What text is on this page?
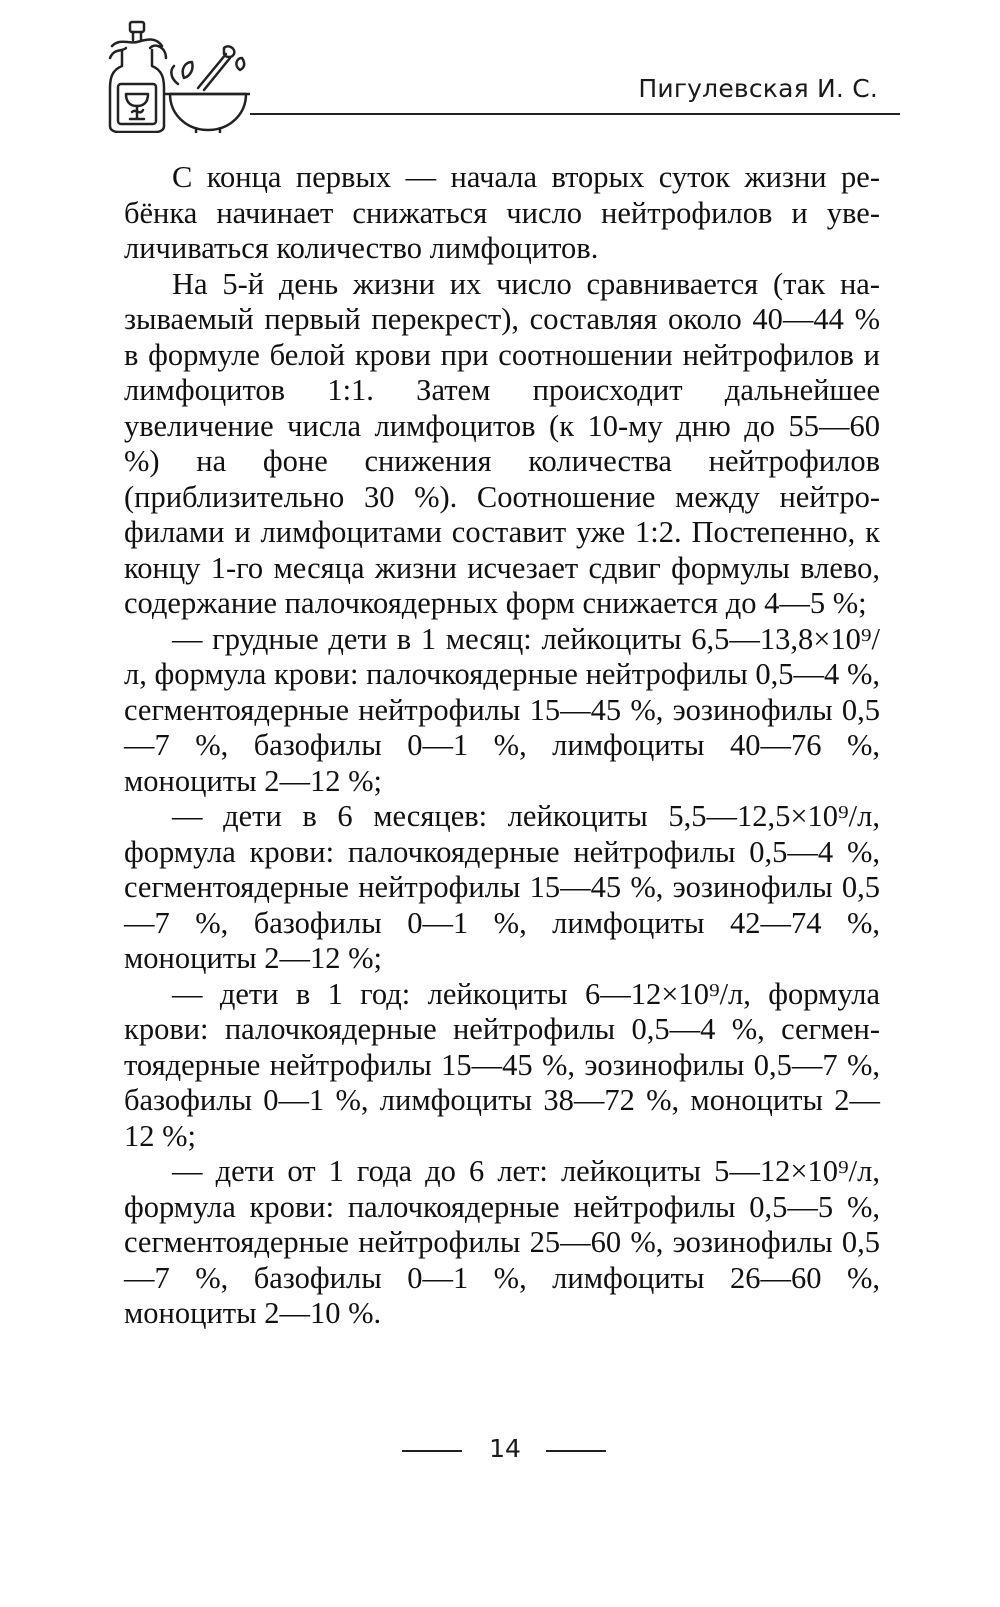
Пигулевская И. С.

С конца первых — начала вторых суток жизни ребёнка начинает снижаться число нейтрофилов и увеличиваться количество лимфоцитов.

На 5-й день жизни их число сравнивается (так называемый первый перекрест), составляя около 40—44 % в формуле белой крови при соотношении нейтрофилов и лимфоцитов 1:1. Затем происходит дальнейшее увеличение числа лимфоцитов (к 10-му дню до 55—60 %) на фоне снижения количества нейтрофилов (приблизительно 30 %). Соотношение между нейтрофилами и лимфоцитами составит уже 1:2. Постепенно, к концу 1-го месяца жизни исчезает сдвиг формулы влево, содержание палочкоядерных форм снижается до 4—5 %;

— грудные дети в 1 месяц: лейкоциты 6,5—13,8×10⁹/л, формула крови: палочкоядерные нейтрофилы 0,5—4 %, сегментоядерные нейтрофилы 15—45 %, эозинофилы 0,5—7 %, базофилы 0—1 %, лимфоциты 40—76 %, моноциты 2—12 %;

— дети в 6 месяцев: лейкоциты 5,5—12,5×10⁹/л, формула крови: палочкоядерные нейтрофилы 0,5—4 %, сегментоядерные нейтрофилы 15—45 %, эозинофилы 0,5—7 %, базофилы 0—1 %, лимфоциты 42—74 %, моноциты 2—12 %;

— дети в 1 год: лейкоциты 6—12×10⁹/л, формула крови: палочкоядерные нейтрофилы 0,5—4 %, сегментоядерные нейтрофилы 15—45 %, эозинофилы 0,5—7 %, базофилы 0—1 %, лимфоциты 38—72 %, моноциты 2—12 %;

— дети от 1 года до 6 лет: лейкоциты 5—12×10⁹/л, формула крови: палочкоядерные нейтрофилы 0,5—5 %, сегментоядерные нейтрофилы 25—60 %, эозинофилы 0,5—7 %, базофилы 0—1 %, лимфоциты 26—60 %, моноциты 2—10 %.

14
